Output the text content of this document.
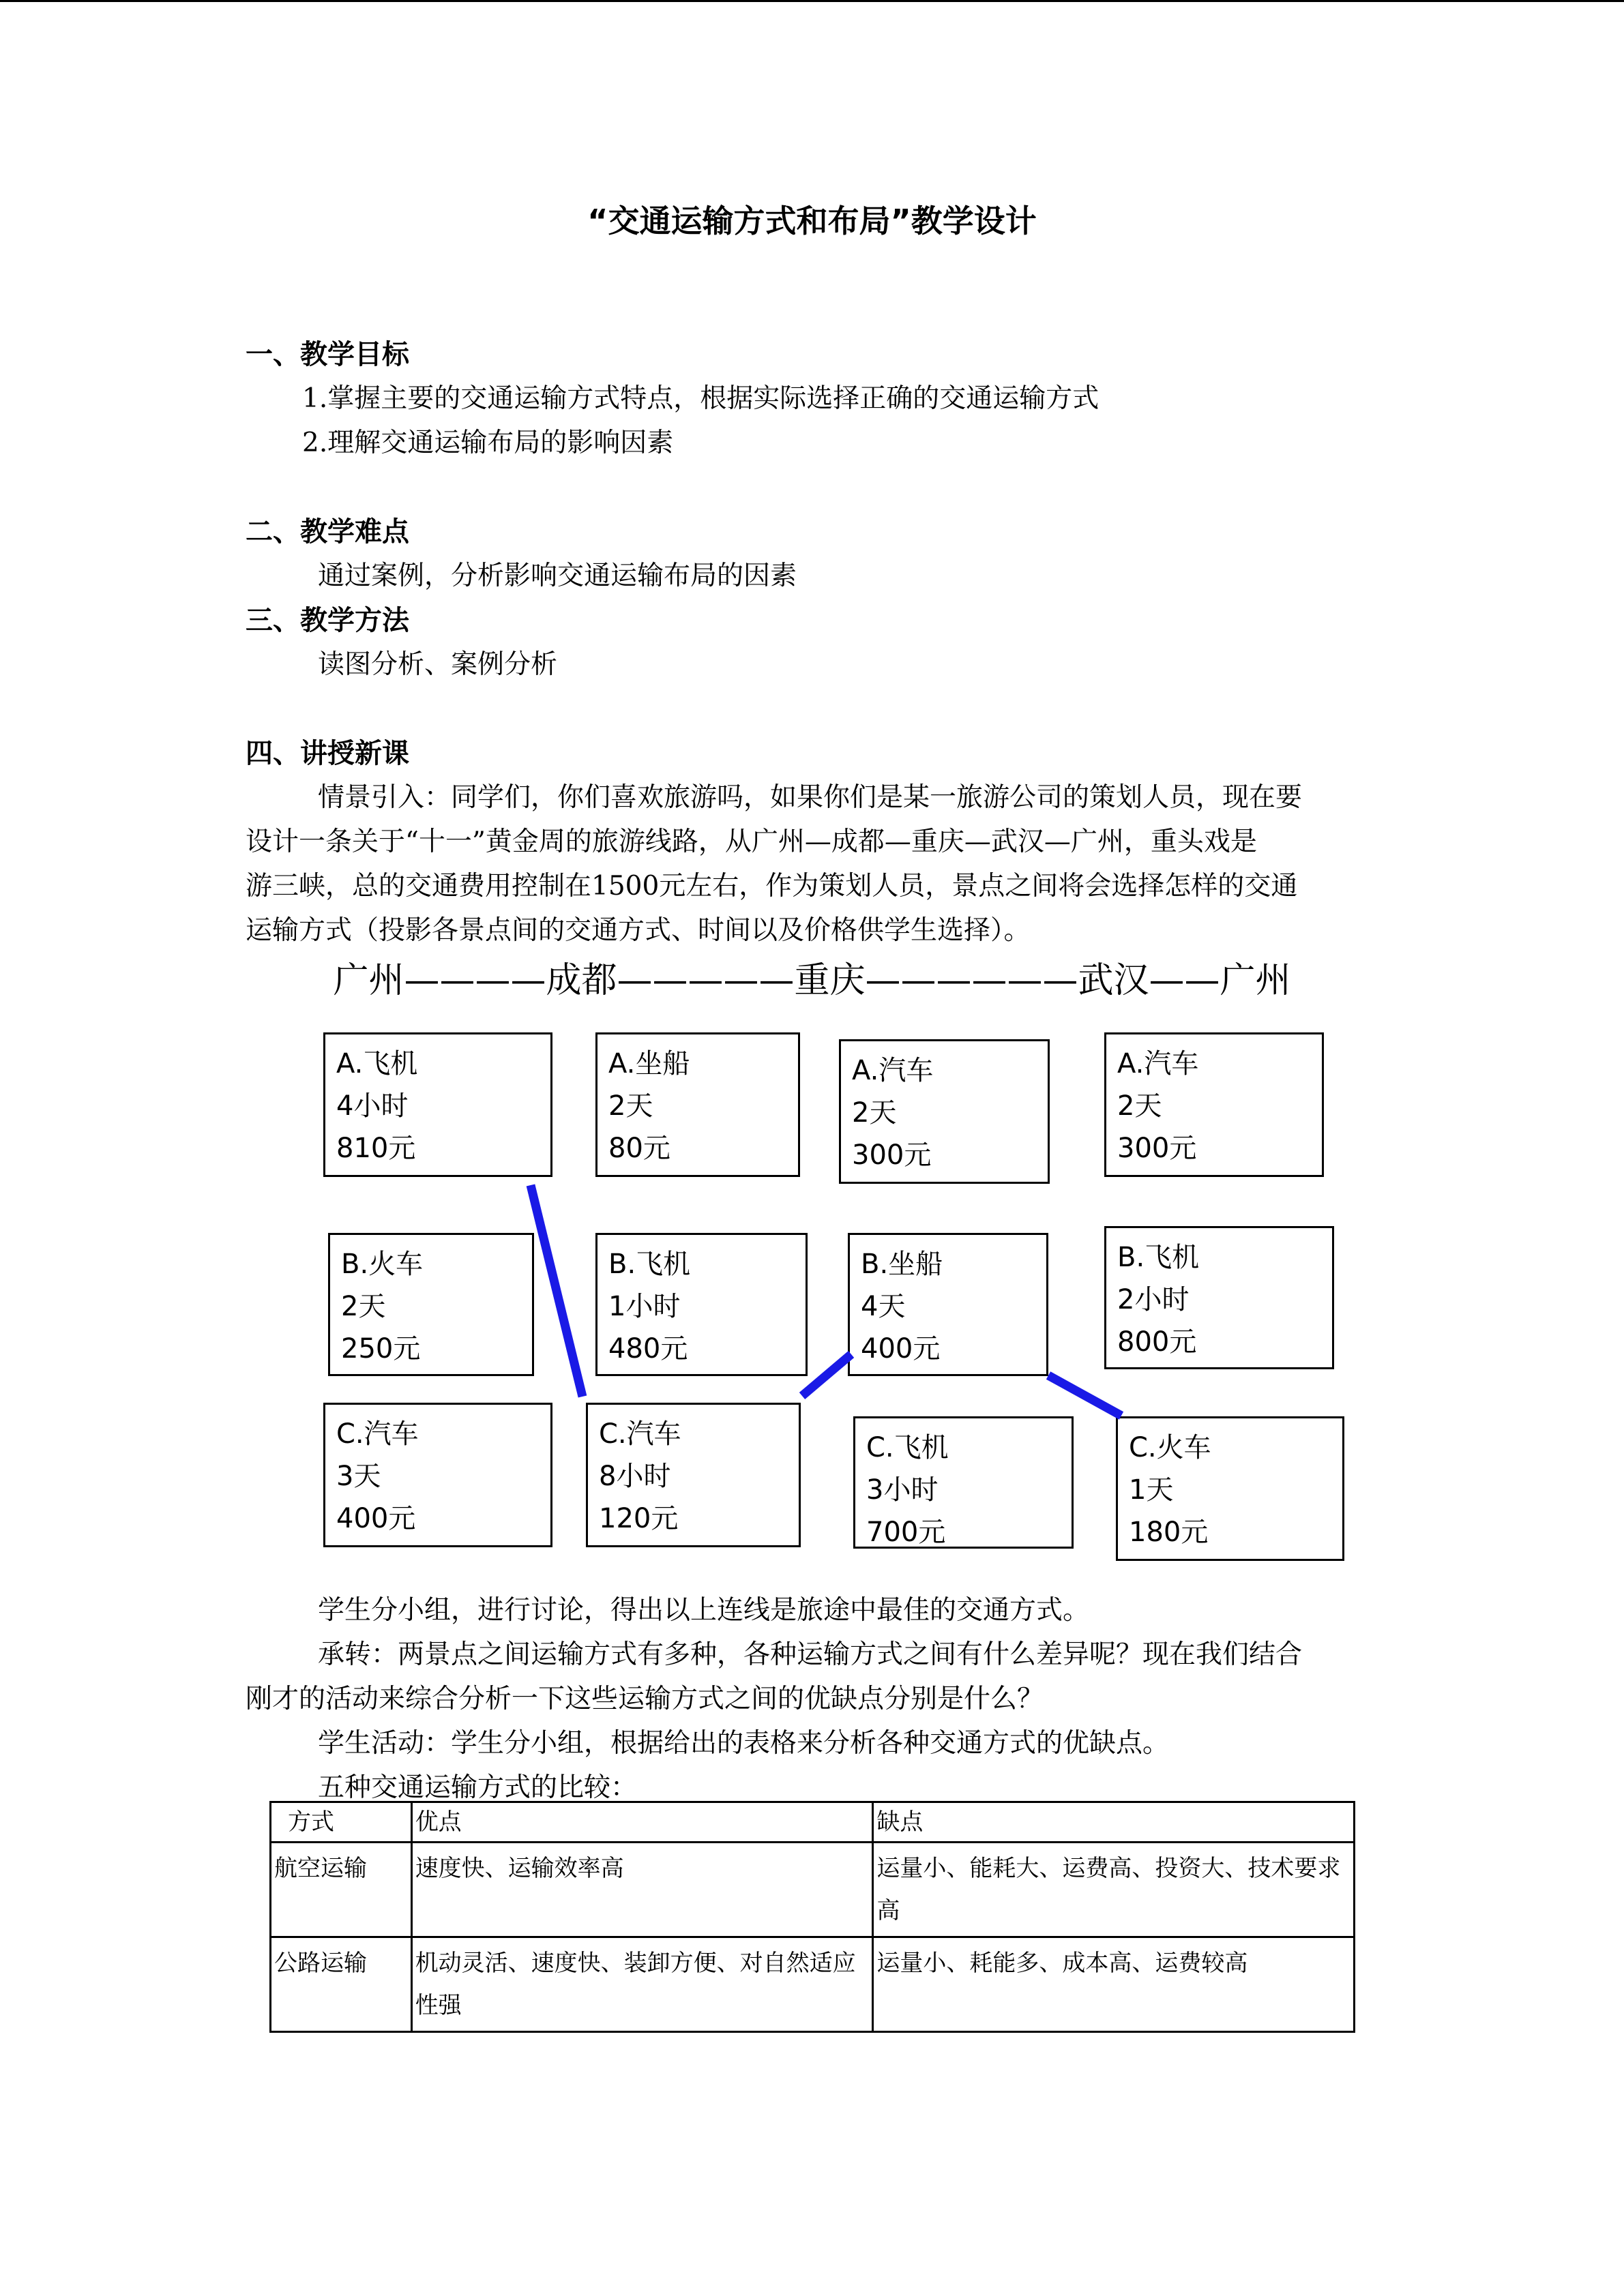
“交通运输方式和布局”教学设计
一、教学目标
1.掌握主要的交通运输方式特点，根据实际选择正确的交通运输方式
2.理解交通运输布局的影响因素
二、教学难点
通过案例，分析影响交通运输布局的因素
三、教学方法
读图分析、案例分析
四、讲授新课
情景引入：同学们，你们喜欢旅游吗，如果你们是某一旅游公司的策划人员，现在要
设计一条关于“十一”黄金周的旅游线路，从广州—成都—重庆—武汉—广州，重头戏是
游三峡，总的交通费用控制在1500元左右，作为策划人员，景点之间将会选择怎样的交通
运输方式（投影各景点间的交通方式、时间以及价格供学生选择）。
广州————成都—————重庆——————武汉——广州
A.飞机
4小时
810元
A.坐船
2天
80元
A.汽车
2天
300元
A.汽车
2天
300元
B.火车
2天
250元
B.飞机
1小时
480元
B.坐船
4天
400元
B.飞机
2小时
800元
C.汽车
3天
400元
C.汽车
8小时
120元
C.飞机
3小时
700元
C.火车
1天
180元
学生分小组，进行讨论，得出以上连线是旅途中最佳的交通方式。
承转：两景点之间运输方式有多种，各种运输方式之间有什么差异呢？现在我们结合
刚才的活动来综合分析一下这些运输方式之间的优缺点分别是什么？
学生活动：学生分小组，根据给出的表格来分析各种交通方式的优缺点。
五种交通运输方式的比较：
方式	优点	缺点
航空运输	速度快、运输效率高	运量小、能耗大、运费高、投资大、技术要求高
公路运输	机动灵活、速度快、装卸方便、对自然适应性强	运量小、耗能多、成本高、运费较高
